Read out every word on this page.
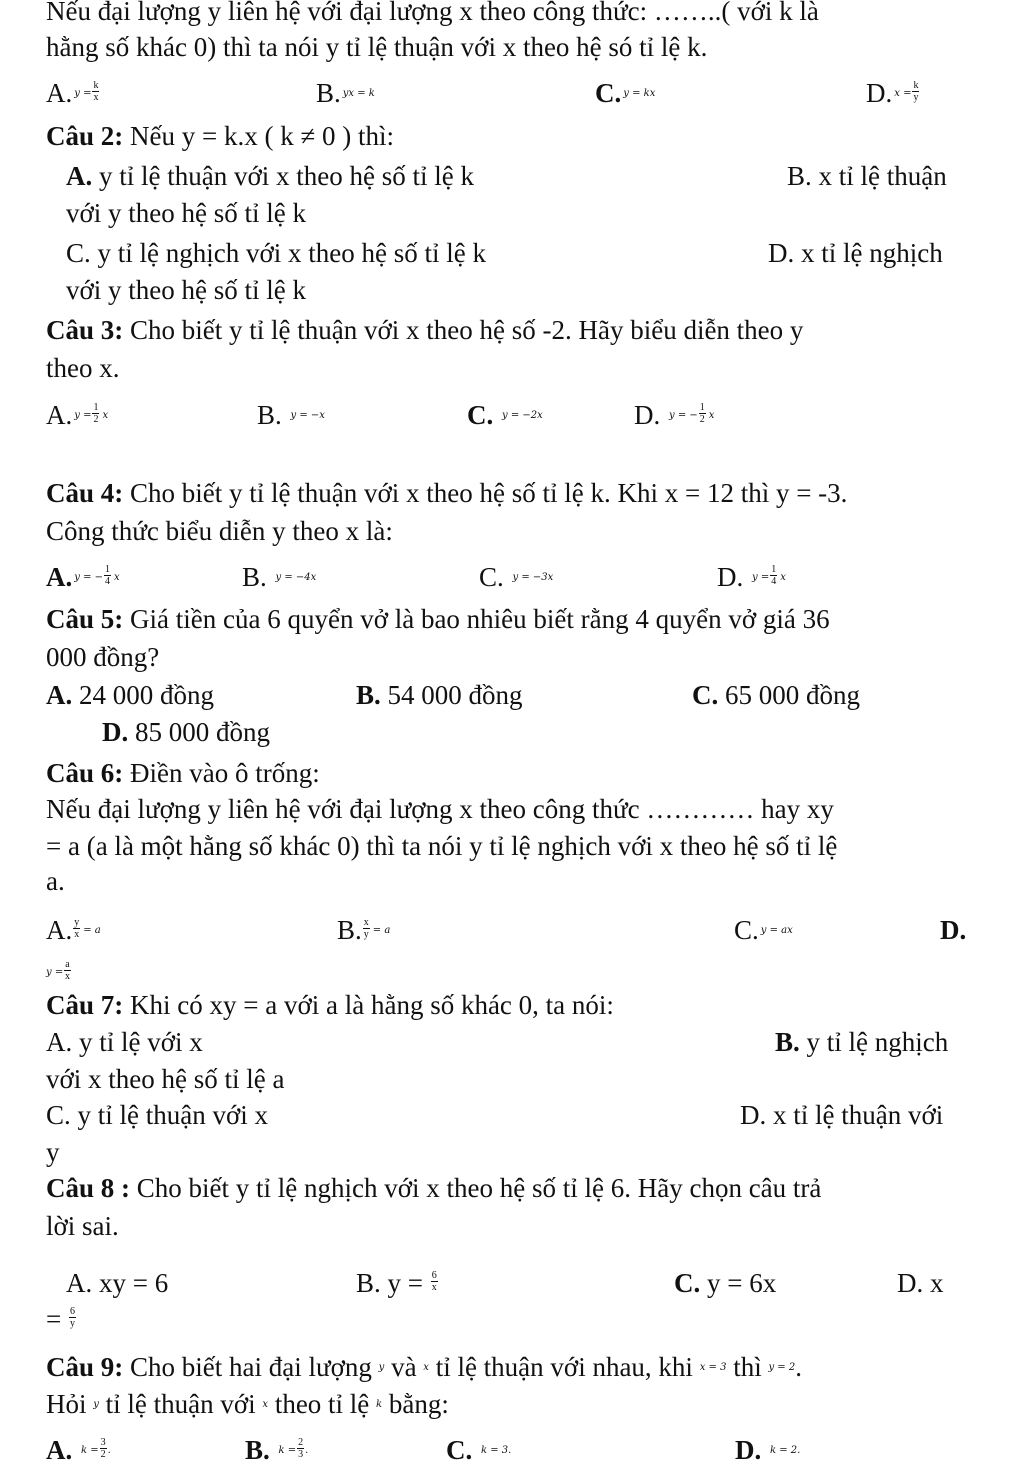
Nếu đại lượng y liên hệ với đại lượng x theo công thức: ……..( với k là
hằng số khác 0) thì ta nói y tỉ lệ thuận với x theo hệ só tỉ lệ k.
A. $^{y =} \frac{k}{x}$	B. $^{yx = k}$	C. $^{y = kx}$	D. $^{x =} \frac{k}{y}$
Câu 2: Nếu y = k.x ( k ≠ 0 ) thì:
A. y tỉ lệ thuận với x theo hệ số tỉ lệ k	B. x tỉ lệ thuận
với y theo hệ số tỉ lệ k
C. y tỉ lệ nghịch với x theo hệ số tỉ lệ k	D. x tỉ lệ nghịch
với y theo hệ số tỉ lệ k
Câu 3: Cho biết y tỉ lệ thuận với x theo hệ số -2. Hãy biểu diễn theo y
theo x.
A. $^{y =} \frac{1}{2} ^x$	B. $^{y = -x}$	C. $^{y = -2x}$	D. $^{y = -} \frac{1}{2} ^x$
Câu 4: Cho biết y tỉ lệ thuận với x theo hệ số tỉ lệ k. Khi x = 12 thì y = -3.
Công thức biểu diễn y theo x là:
A. $^{y = -} \frac{1}{4} ^x$	B. $^{y = -4x}$	C. $^{y = -3x}$	D. $^{y =} \frac{1}{4} ^x$
Câu 5: Giá tiền của 6 quyển vở là bao nhiêu biết rằng 4 quyển vở giá 36
000 đồng?
A. 24 000 đồng	B. 54 000 đồng	C. 65 000 đồng
D. 85 000 đồng
Câu 6: Điền vào ô trống:
Nếu đại lượng y liên hệ với đại lượng x theo công thức ………… hay xy
= a (a là một hằng số khác 0) thì ta nói y tỉ lệ nghịch với x theo hệ số tỉ lệ
a.
A. $\frac{y}{x} ^{= a}$	B. $\frac{x}{y} ^{= a}$	C. $^{y = ax}$	D.
$^{y =} \frac{a}{x}$
Câu 7: Khi có xy = a với a là hằng số khác 0, ta nói:
A. y tỉ lệ với x	B. y tỉ lệ nghịch
với x theo hệ số tỉ lệ a
C. y tỉ lệ thuận với x	D. x tỉ lệ thuận với
y
Câu 8 : Cho biết y tỉ lệ nghịch với x theo hệ số tỉ lệ 6. Hãy chọn câu trả
lời sai.
A. xy = 6	B. $y = \frac{6}{x}$	C. y = 6x	D. x
= $\frac{6}{y}$
Câu 9: Cho biết hai đại lượng $^y$ và $^x$ tỉ lệ thuận với nhau, khi $^{x = 3}$ thì $^{y = 2}$.
Hỏi $^y$ tỉ lệ thuận với $^x$ theo tỉ lệ $^k$ bằng:
A. $^{k =} \frac{3}{2} ^.$	B. $^{k =} \frac{2}{3} ^.$	C. $^{k = 3.}$	D. $^{k = 2.}$
